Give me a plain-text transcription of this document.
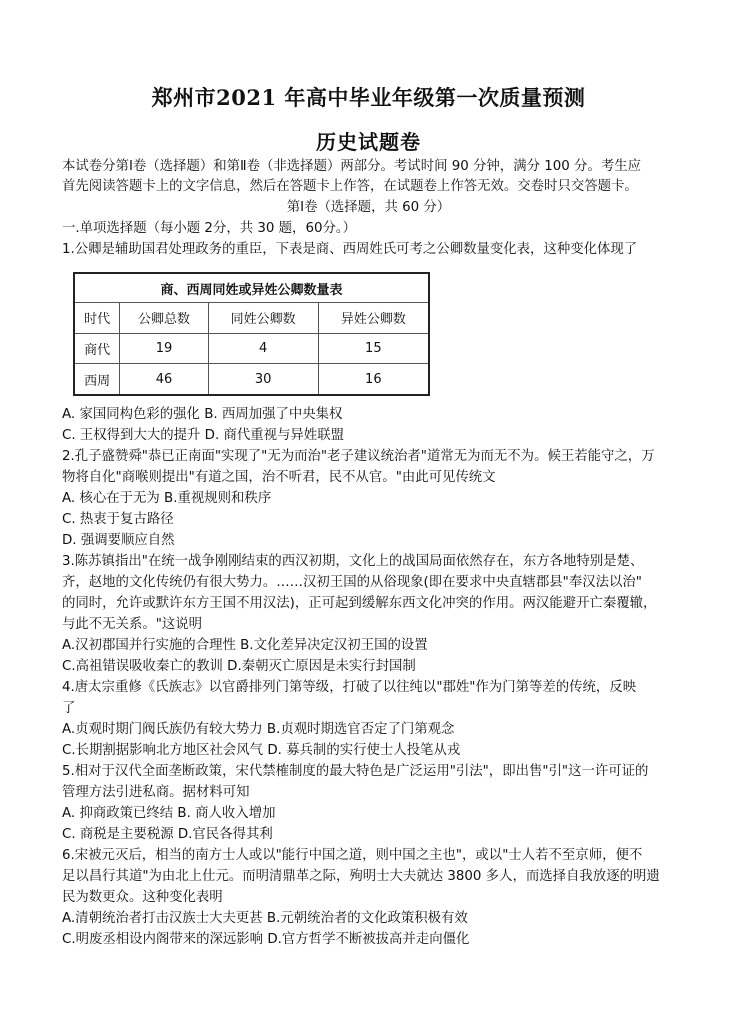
郑州市2021 年高中毕业年级第一次质量预测
历史试题卷
本试卷分第Ⅰ卷（选择题）和第Ⅱ卷（非选择题）两部分。考试时间 90 分钟，满分 100 分。考生应
首先阅读答题卡上的文字信息，然后在答题卡上作答，在试题卷上作答无效。交卷时只交答题卡。
第Ⅰ卷（选择题，共 60 分）
一.单项选择题（每小题 2分，共 30 题，60分。）
1.公卿是辅助国君处理政务的重臣，下表是商、西周姓氏可考之公卿数量变化表，这种变化体现了
商、西周同姓或异姓公卿数量表			
时代	公卿总数	同姓公卿数	异姓公卿数
商代	19	4	15
西周	46	30	16
A. 家国同构色彩的强化 B. 西周加强了中央集权
C. 王权得到大大的提升 D. 商代重视与异姓联盟
2.孔子盛赞舜"恭已正南面"实现了"无为而治"老子建议统治者"道常无为而无不为。候王若能守之，万
物将自化"商喉则提出"有道之国，治不听君，民不从官。"由此可见传统文
A. 核心在于无为 B.重视规则和秩序
C. 热衷于复古路径
D. 强调要顺应自然
3.陈苏镇指出"在统一战争刚刚结束的西汉初期，文化上的战国局面依然存在，东方各地特别是楚、
齐，赵地的文化传统仍有很大势力。……汉初王国的从俗现象(即在要求中央直辖郡县"奉汉法以治"
的同时，允许或默许东方王国不用汉法)，正可起到缓解东西文化冲突的作用。两汉能避开亡秦覆辙，
与此不无关系。"这说明
A.汉初郡国并行实施的合理性 B.文化差异决定汉初王国的设置
C.高祖错误吸收秦亡的教训 D.秦朝灭亡原因是未实行封国制
4.唐太宗重修《氏族志》以官爵排列门第等级，打破了以往纯以"郡姓"作为门第等差的传统，反映
了
A.贞观时期门阀氏族仍有较大势力 B.贞观时期选官否定了门第观念
C.长期割据影响北方地区社会风气 D. 募兵制的实行使士人投笔从戎
5.相对于汉代全面垄断政策，宋代禁榷制度的最大特色是广泛运用"引法"，即出售"引"这一许可证的
管理方法引进私商。据材料可知
A. 抑商政策已终结 B. 商人收入增加
C. 商税是主要税源 D.官民各得其利
6.宋被元灭后，相当的南方士人或以"能行中国之道，则中国之主也"，或以"士人若不至京师，便不
足以昌行其道"为由北上仕元。而明清鼎革之际，殉明士大夫就达 3800 多人，而选择自我放逐的明遗
民为数更众。这种变化表明
A.清朝统治者打击汉族士大夫更甚 B.元朝统治者的文化政策积极有效
C.明废丞相设内阁带来的深远影响 D.官方哲学不断被拔高并走向僵化
